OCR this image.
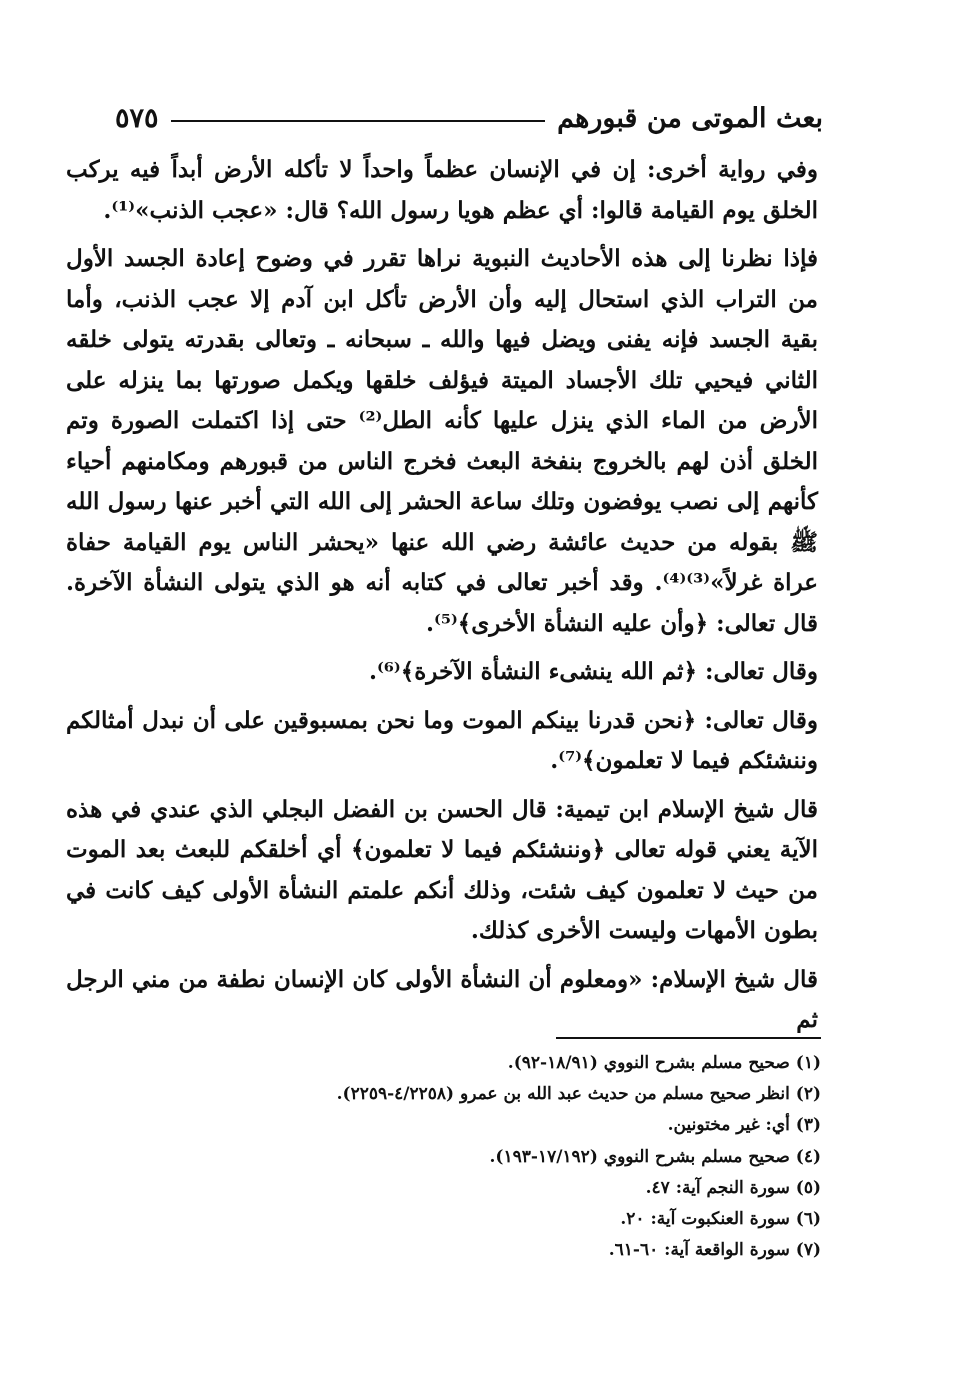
بعث الموتى من قبورهم
٥٧٥

وفي رواية أخرى: إن في الإنسان عظماً واحداً لا تأكله الأرض أبداً فيه يركب الخلق يوم القيامة قالوا: أي عظم هويا رسول الله؟ قال: «عجب الذنب»⁽¹⁾.

فإذا نظرنا إلى هذه الأحاديث النبوية نراها تقرر في وضوح إعادة الجسد الأول من التراب الذي استحال إليه وأن الأرض تأكل ابن آدم إلا عجب الذنب، وأما بقية الجسد فإنه يفنى ويضل فيها والله ـ سبحانه ـ وتعالى بقدرته يتولى خلقه الثاني فيحيي تلك الأجساد الميتة فيؤلف خلقها ويكمل صورتها بما ينزله على الأرض من الماء الذي ينزل عليها كأنه الطل⁽²⁾ حتى إذا اكتملت الصورة وتم الخلق أذن لهم بالخروج بنفخة البعث فخرج الناس من قبورهم ومكامنهم أحياء كأنهم إلى نصب يوفضون وتلك ساعة الحشر إلى الله التي أخبر عنها رسول الله ﷺ بقوله من حديث عائشة رضي الله عنها «يحشر الناس يوم القيامة حفاة عراة غرلاً»⁽³⁾⁽⁴⁾. وقد أخبر تعالى في كتابه أنه هو الذي يتولى النشأة الآخرة. قال تعالى: ﴿وأن عليه النشأة الأخرى﴾⁽⁵⁾.

وقال تعالى: ﴿ثم الله ينشىء النشأة الآخرة﴾⁽⁶⁾.

وقال تعالى: ﴿نحن قدرنا بينكم الموت وما نحن بمسبوقين على أن نبدل أمثالكم وننشئكم فيما لا تعلمون﴾⁽⁷⁾.

قال شيخ الإسلام ابن تيمية: قال الحسن بن الفضل البجلي الذي عندي في هذه الآية يعني قوله تعالى ﴿وننشئكم فيما لا تعلمون﴾ أي أخلقكم للبعث بعد الموت من حيث لا تعلمون كيف شئت، وذلك أنكم علمتم النشأة الأولى كيف كانت في بطون الأمهات وليست الأخرى كذلك.

قال شيخ الإسلام: «ومعلوم أن النشأة الأولى كان الإنسان نطفة من مني الرجل ثم

(١) صحيح مسلم بشرح النووي (١٨/٩١-٩٢).
(٢) انظر صحيح مسلم من حديث عبد الله بن عمرو (٤/٢٢٥٨-٢٢٥٩).
(٣) أي: غير مختونين.
(٤) صحيح مسلم بشرح النووي (١٧/١٩٢-١٩٣).
(٥) سورة النجم آية: ٤٧.
(٦) سورة العنكبوت آية: ٢٠.
(٧) سورة الواقعة آية: ٦٠-٦١.
